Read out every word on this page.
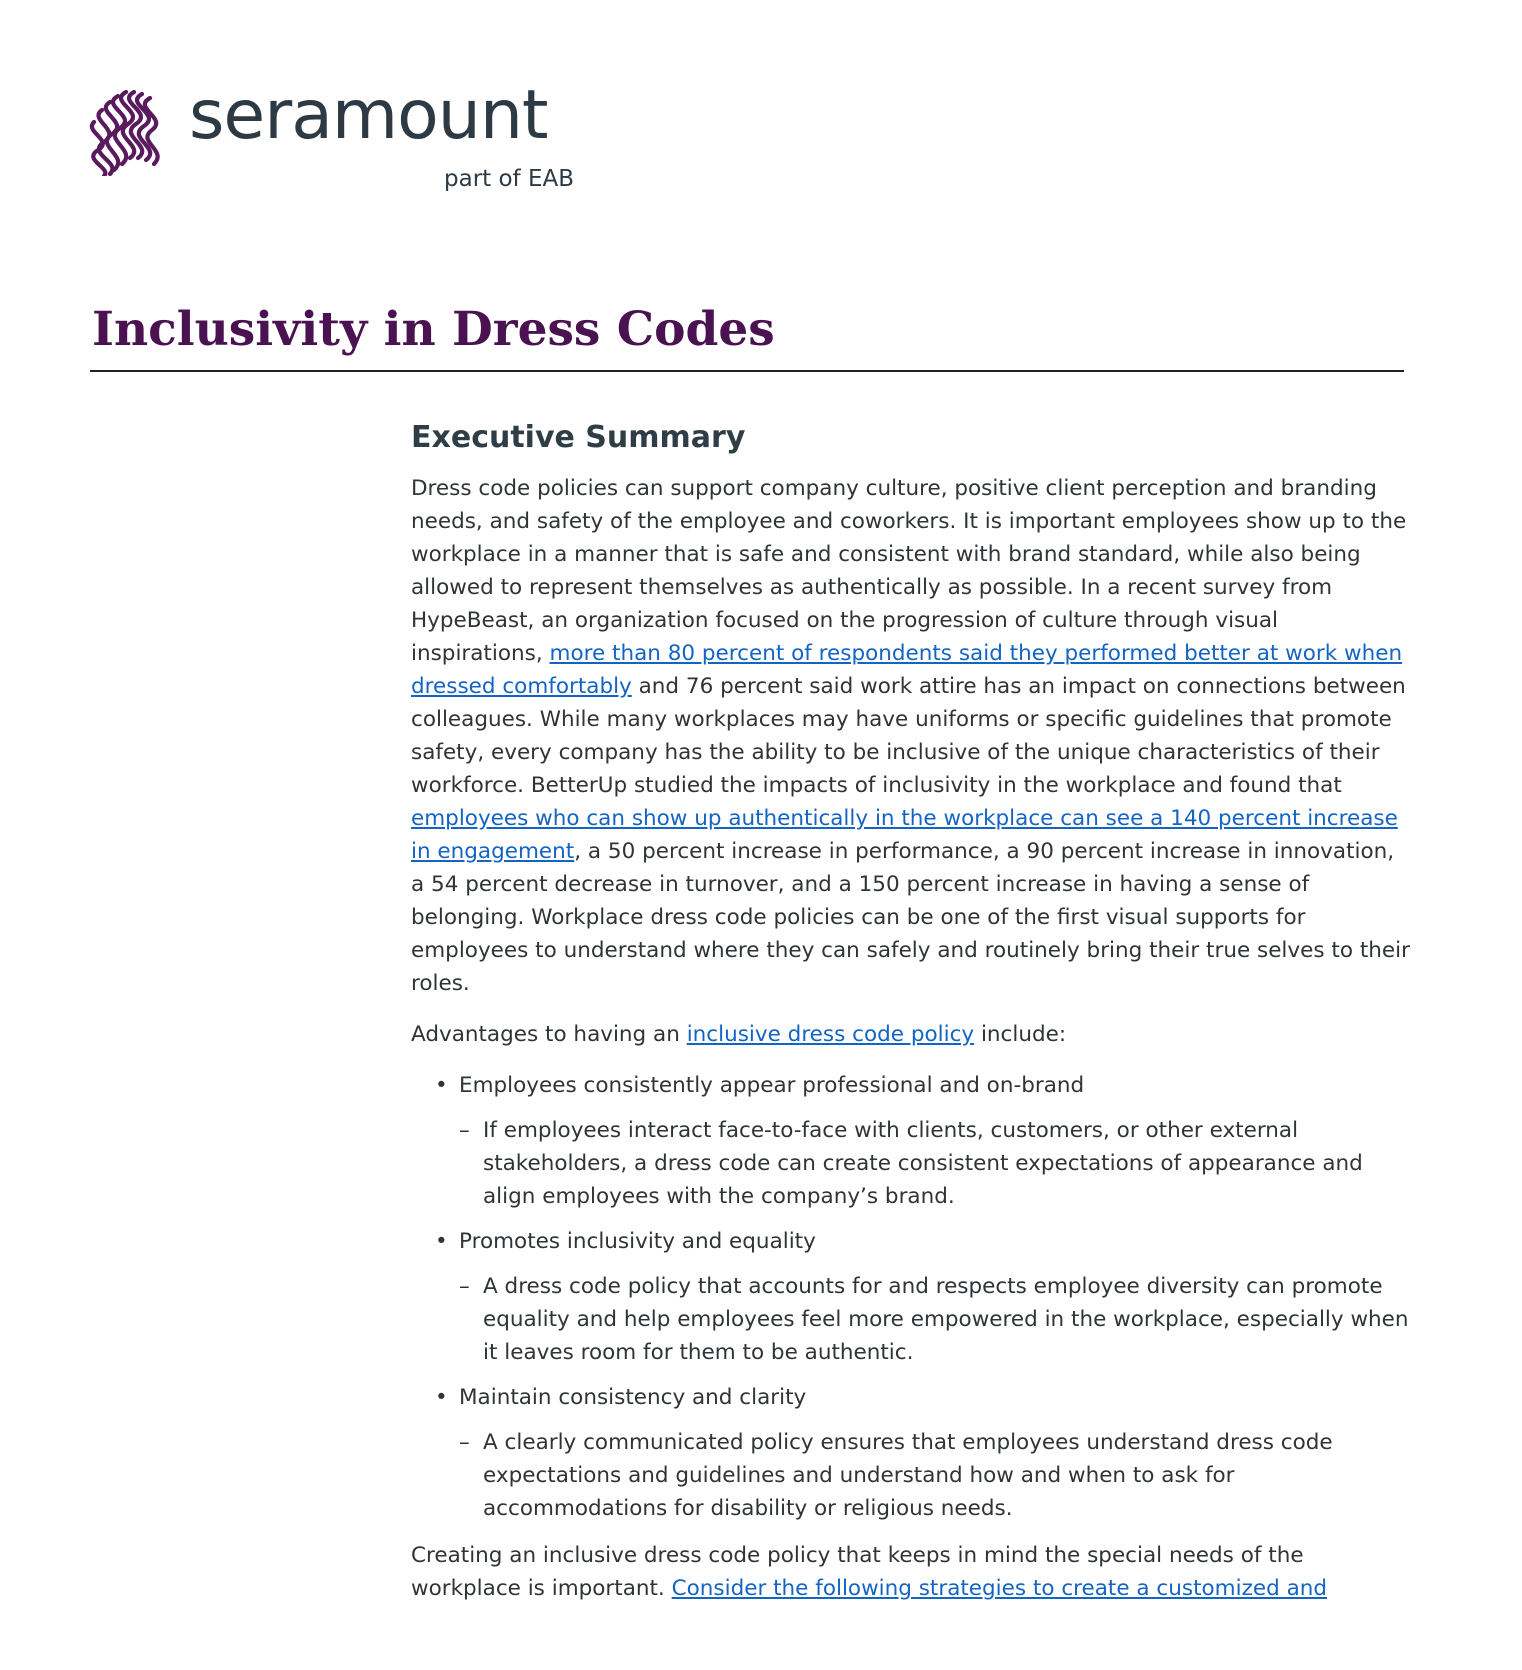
seramount
part of EAB
Inclusivity in Dress Codes
Executive Summary

Dress code policies can support company culture, positive client perception and branding needs, and safety of the employee and coworkers. It is important employees show up to the workplace in a manner that is safe and consistent with brand standard, while also being allowed to represent themselves as authentically as possible. In a recent survey from HypeBeast, an organization focused on the progression of culture through visual inspirations, more than 80 percent of respondents said they performed better at work when dressed comfortably and 76 percent said work attire has an impact on connections between colleagues. While many workplaces may have uniforms or specific guidelines that promote safety, every company has the ability to be inclusive of the unique characteristics of their workforce. BetterUp studied the impacts of inclusivity in the workplace and found that employees who can show up authentically in the workplace can see a 140 percent increase in engagement, a 50 percent increase in performance, a 90 percent increase in innovation, a 54 percent decrease in turnover, and a 150 percent increase in having a sense of belonging. Workplace dress code policies can be one of the first visual supports for employees to understand where they can safely and routinely bring their true selves to their roles.

Advantages to having an inclusive dress code policy include:

• Employees consistently appear professional and on-brand
– If employees interact face-to-face with clients, customers, or other external stakeholders, a dress code can create consistent expectations of appearance and align employees with the company’s brand.
• Promotes inclusivity and equality
– A dress code policy that accounts for and respects employee diversity can promote equality and help employees feel more empowered in the workplace, especially when it leaves room for them to be authentic.
• Maintain consistency and clarity
– A clearly communicated policy ensures that employees understand dress code expectations and guidelines and understand how and when to ask for accommodations for disability or religious needs.

Creating an inclusive dress code policy that keeps in mind the special needs of the workplace is important. Consider the following strategies to create a customized and
